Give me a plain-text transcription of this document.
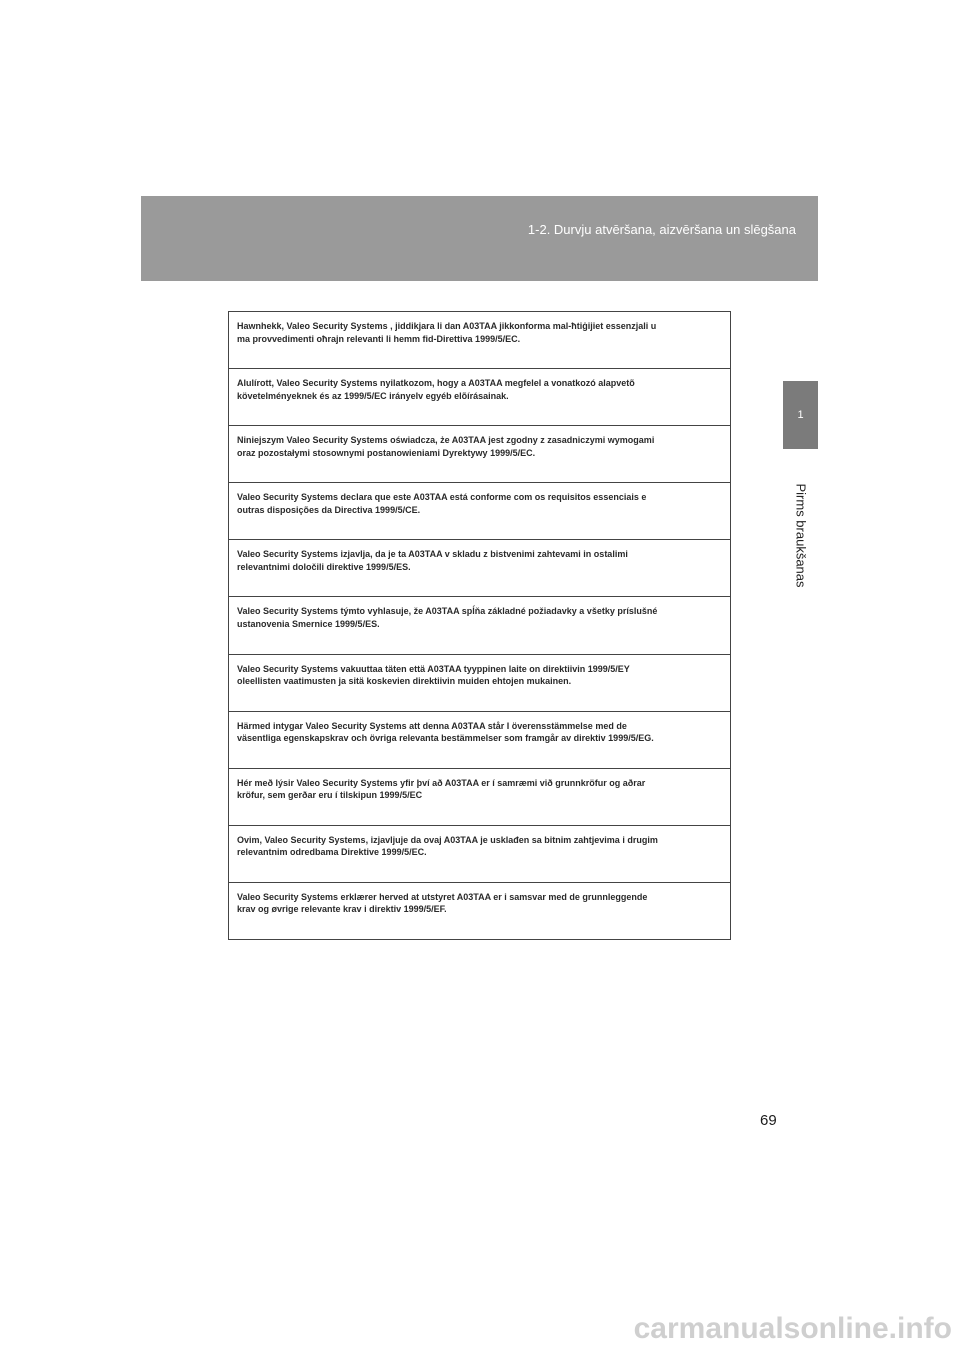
1-2. Durvju atvēršana, aizvēršana un slēgšana
1
Pirms braukšanas

Hawnhekk, Valeo Security Systems , jiddikjara li dan A03TAA jikkonforma mal-ħtiġijiet essenzjali u ma provvedimenti oħrajn relevanti li hemm fid-Direttiva 1999/5/EC.

Alulírott, Valeo Security Systems nyilatkozom, hogy a A03TAA megfelel a vonatkozó alapvetõ követelményeknek és az 1999/5/EC irányelv egyéb elõírásainak.

Niniejszym Valeo Security Systems oświadcza, że A03TAA jest zgodny z zasadniczymi wymogami oraz pozostałymi stosownymi postanowieniami Dyrektywy 1999/5/EC.

Valeo Security Systems declara que este A03TAA está conforme com os requisitos essenciais e outras disposições da Directiva 1999/5/CE.

Valeo Security Systems izjavlja, da je ta A03TAA v skladu z bistvenimi zahtevami in ostalimi relevantnimi določili direktive 1999/5/ES.

Valeo Security Systems týmto vyhlasuje, že A03TAA spĺňa základné požiadavky a všetky príslušné ustanovenia Smernice 1999/5/ES.

Valeo Security Systems vakuuttaa täten että A03TAA tyyppinen laite on direktiivin 1999/5/EY oleellisten vaatimusten ja sitä koskevien direktiivin muiden ehtojen mukainen.

Härmed intygar Valeo Security Systems att denna A03TAA står I överensstämmelse med de väsentliga egenskapskrav och övriga relevanta bestämmelser som framgår av direktiv 1999/5/EG.

Hér með lýsir Valeo Security Systems yfir því að A03TAA er í samræmi við grunnkröfur og aðrar kröfur, sem gerðar eru í tilskipun 1999/5/EC

Ovim, Valeo Security Systems, izjavljuje da ovaj A03TAA je usklađen sa bitnim zahtjevima i drugim relevantnim odredbama Direktive 1999/5/EC.

Valeo Security Systems erklærer herved at utstyret A03TAA er i samsvar med de grunnleggende krav og øvrige relevante krav i direktiv 1999/5/EF.

69
carmanualsonline.info
